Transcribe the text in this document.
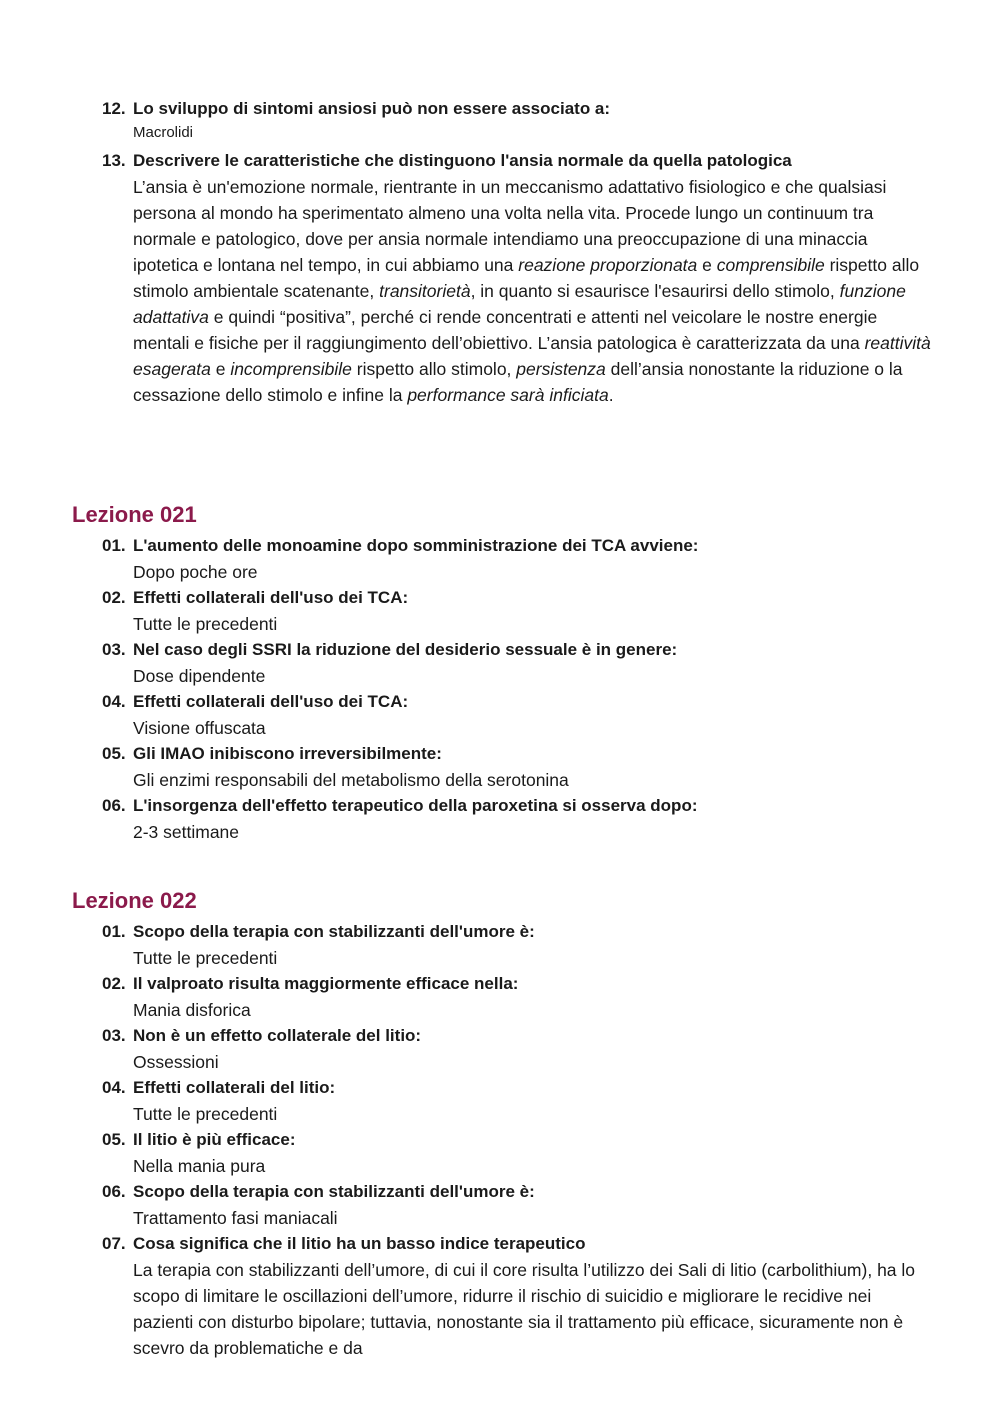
12. Lo sviluppo di sintomi ansiosi può non essere associato a:
Macrolidi
13. Descrivere le caratteristiche che distinguono l'ansia normale da quella patologica
L’ansia è un'emozione normale, rientrante in un meccanismo adattativo fisiologico e che qualsiasi persona al mondo ha sperimentato almeno una volta nella vita. Procede lungo un continuum tra normale e patologico, dove per ansia normale intendiamo una preoccupazione di una minaccia ipotetica e lontana nel tempo, in cui abbiamo una reazione proporzionata e comprensibile rispetto allo stimolo ambientale scatenante, transitorietà, in quanto si esaurisce l'esaurirsi dello stimolo, funzione adattativa e quindi “positiva”, perché ci rende concentrati e attenti nel veicolare le nostre energie mentali e fisiche per il raggiungimento dell’obiettivo. L’ansia patologica è caratterizzata da una reattività esagerata e incomprensibile rispetto allo stimolo, persistenza dell’ansia nonostante la riduzione o la cessazione dello stimolo e infine la performance sarà inficiata.
Lezione 021
01. L'aumento delle monoamine dopo somministrazione dei TCA avviene:
Dopo poche ore
02. Effetti collaterali dell'uso dei TCA:
Tutte le precedenti
03. Nel caso degli SSRI la riduzione del desiderio sessuale è in genere:
Dose dipendente
04. Effetti collaterali dell'uso dei TCA:
Visione offuscata
05. Gli IMAO inibiscono irreversibilmente:
Gli enzimi responsabili del metabolismo della serotonina
06. L'insorgenza dell'effetto terapeutico della paroxetina si osserva dopo:
2-3 settimane
Lezione 022
01. Scopo della terapia con stabilizzanti dell'umore è:
Tutte le precedenti
02. Il valproato risulta maggiormente efficace nella:
Mania disforica
03. Non è un effetto collaterale del litio:
Ossessioni
04. Effetti collaterali del litio:
Tutte le precedenti
05. Il litio è più efficace:
Nella mania pura
06. Scopo della terapia con stabilizzanti dell'umore è:
Trattamento fasi maniacali
07. Cosa significa che il litio ha un basso indice terapeutico
La terapia con stabilizzanti dell’umore, di cui il core risulta l’utilizzo dei Sali di litio (carbolithium), ha lo scopo di limitare le oscillazioni dell’umore, ridurre il rischio di suicidio e migliorare le recidive nei pazienti con disturbo bipolare; tuttavia, nonostante sia il trattamento più efficace, sicuramente non è scevro da problematiche e da
